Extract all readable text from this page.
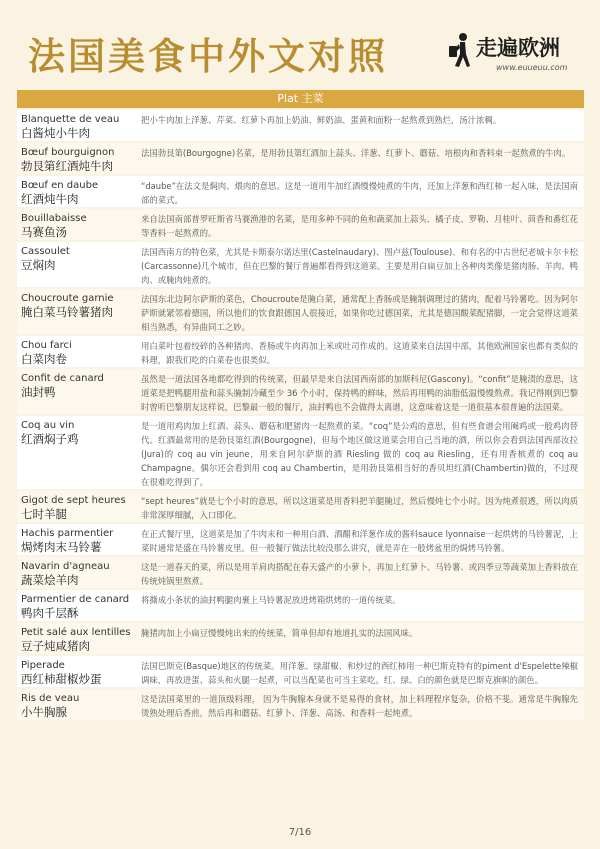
法国美食中外文对照	走遍欧洲
www.euueuu.com
Plat 主菜
Blanquette de veau
白酱炖小牛肉
把小牛肉加上洋葱、芹菜、红萝卜再加上奶油、鲜奶油、蛋黄和面粉一起熬煮到熟烂，汤汁浓稠。
Bœuf bourguignon
勃艮第红酒炖牛肉
法国勃艮第(Bourgogne)名菜，是用勃艮第红酒加上蒜头、洋葱、红萝卜、蘑菇、培根肉和香料束一起熬煮的牛肉。
Bœuf en daube
红酒炖牛肉
“daube”在法文是焖肉、煨肉的意思。这是一道用牛加红酒慢慢炖煮的牛肉，还加上洋葱和西红柿一起入味，是法国南部的菜式。
Bouillabaisse
马赛鱼汤
来自法国南部普罗旺斯省马赛渔港的名菜，是用多种不同的鱼和蔬菜加上蒜头、橘子皮、罗勒、月桂叶、茴香和番红花等香料一起熬煮的。
Cassoulet
豆焖肉
法国西南方的特色菜，尤其是卡斯泰尔诺达里(Castelnaudary)、图卢兹(Toulouse)、和有名的中古世纪老城卡尔卡松(Carcassonne)几个城市，但在巴黎的餐厅普遍都看得到这道菜。主要是用白扁豆加上各种肉类像是猪肉肠、羊肉、鸭肉、或腌肉炖煮的。
Choucroute garnie
腌白菜马铃薯猪肉
法国东北边阿尔萨斯的菜色，Choucroute是腌白菜，通常配上香肠或是腌制调理过的猪肉，配着马铃薯吃。因为阿尔萨斯就紧邻着德国，所以他们的饮食跟德国人很接近，如果你吃过德国菜，尤其是德国酸菜配猪脚，一定会觉得这道菜相当熟悉，有异曲同工之妙。
Chou farci
白菜肉卷
用白菜叶包着绞碎的各种猪肉、香肠或牛肉再加上米或吐司作成的。这道菜来自法国中部，其他欧洲国家也都有类似的料理，跟我们吃的白菜卷也很类似。
Confit de canard
油封鸭
虽然是一道法国各地都吃得到的传统菜，但最早是来自法国西南部的加斯科尼(Gascony)。“confit”是腌渍的意思，这道菜是把鸭腿用盐和蒜头腌制冷藏至少 36 个小时，保持鸭的鲜味，然后再用鸭的油脂低温慢慢熬煮。我记得刚到巴黎时曾听巴黎朋友这样说，巴黎最一般的餐厅，油封鸭也不会做得太离谱，这意味着这是一道很基本很普遍的法国菜。
Coq au vin
红酒焖子鸡
是一道用鸡肉加上红酒、蒜头、蘑菇和肥猪肉一起熬煮的菜。“coq”是公鸡的意思，但有些食谱会用阉鸡或一般鸡肉替代。红酒最常用的是勃艮第红酒(Bourgogne)，但每个地区做这道菜会用自己当地的酒，所以你会看到法国西部汝拉(Jura)的 coq au vin jeune，用来自阿尔萨斯的酒 Riesling 做的 coq au Riesling，还有用香槟煮的 coq au Champagne。偶尔还会看到用 coq au Chambertin，是用勃艮第相当好的香贝坦红酒(Chambertin)做的，不过现在很难吃得到了。
Gigot de sept heures
七时羊腿
“sept heures”就是七个小时的意思，所以这道菜是用香料把羊腿腌过，然后慢炖七个小时。因为炖煮很透，所以肉质非常深厚细腻，入口即化。
Hachis parmentier
焗烤肉末马铃薯
在正式餐厅里，这道菜是加了牛肉末和一种用白酒、酒醋和洋葱作成的酱料sauce lyonnaise一起烘烤的马铃薯泥，上菜时通常是盛在马铃薯皮里。但一般餐厅做法比较没那么讲究，就是弄在一般烤盆里的焗烤马铃薯。
Navarin d'agneau
蔬菜烩羊肉
这是一道春天的菜，所以是用羊肩肉搭配在春天盛产的小萝卜，再加上红萝卜、马铃薯、或四季豆等蔬菜加上香料放在传统炖锅里熬煮。
Parmentier de canard
鸭肉千层酥
将撕成小条状的油封鸭腿肉裹上马铃薯泥放进烤箱烘烤的一道传统菜。
Petit salé aux lentilles
豆子炖咸猪肉
腌猪肉加上小扁豆慢慢炖出来的传统菜，简单但却有地道扎实的法国风味。
Piperade
西红柿甜椒炒蛋
法国巴斯克(Basque)地区的传统菜。用洋葱、绿甜椒、和炒过的西红柿用一种巴斯克特有的piment d'Espelette辣椒调味，再放进蛋、蒜头和火腿一起煮，可以当配菜也可当主菜吃。红、绿、白的颜色就是巴斯克旗帜的颜色。
Ris de veau
小牛胸腺
这是法国菜里的一道顶级料理， 因为牛胸腺本身就不是易得的食材，加上料理程序复杂，价格不斐。通常是牛胸腺先烫熟处理后香煎，然后再和蘑菇、红萝卜、洋葱、高汤、和香料一起炖煮。
7/16
